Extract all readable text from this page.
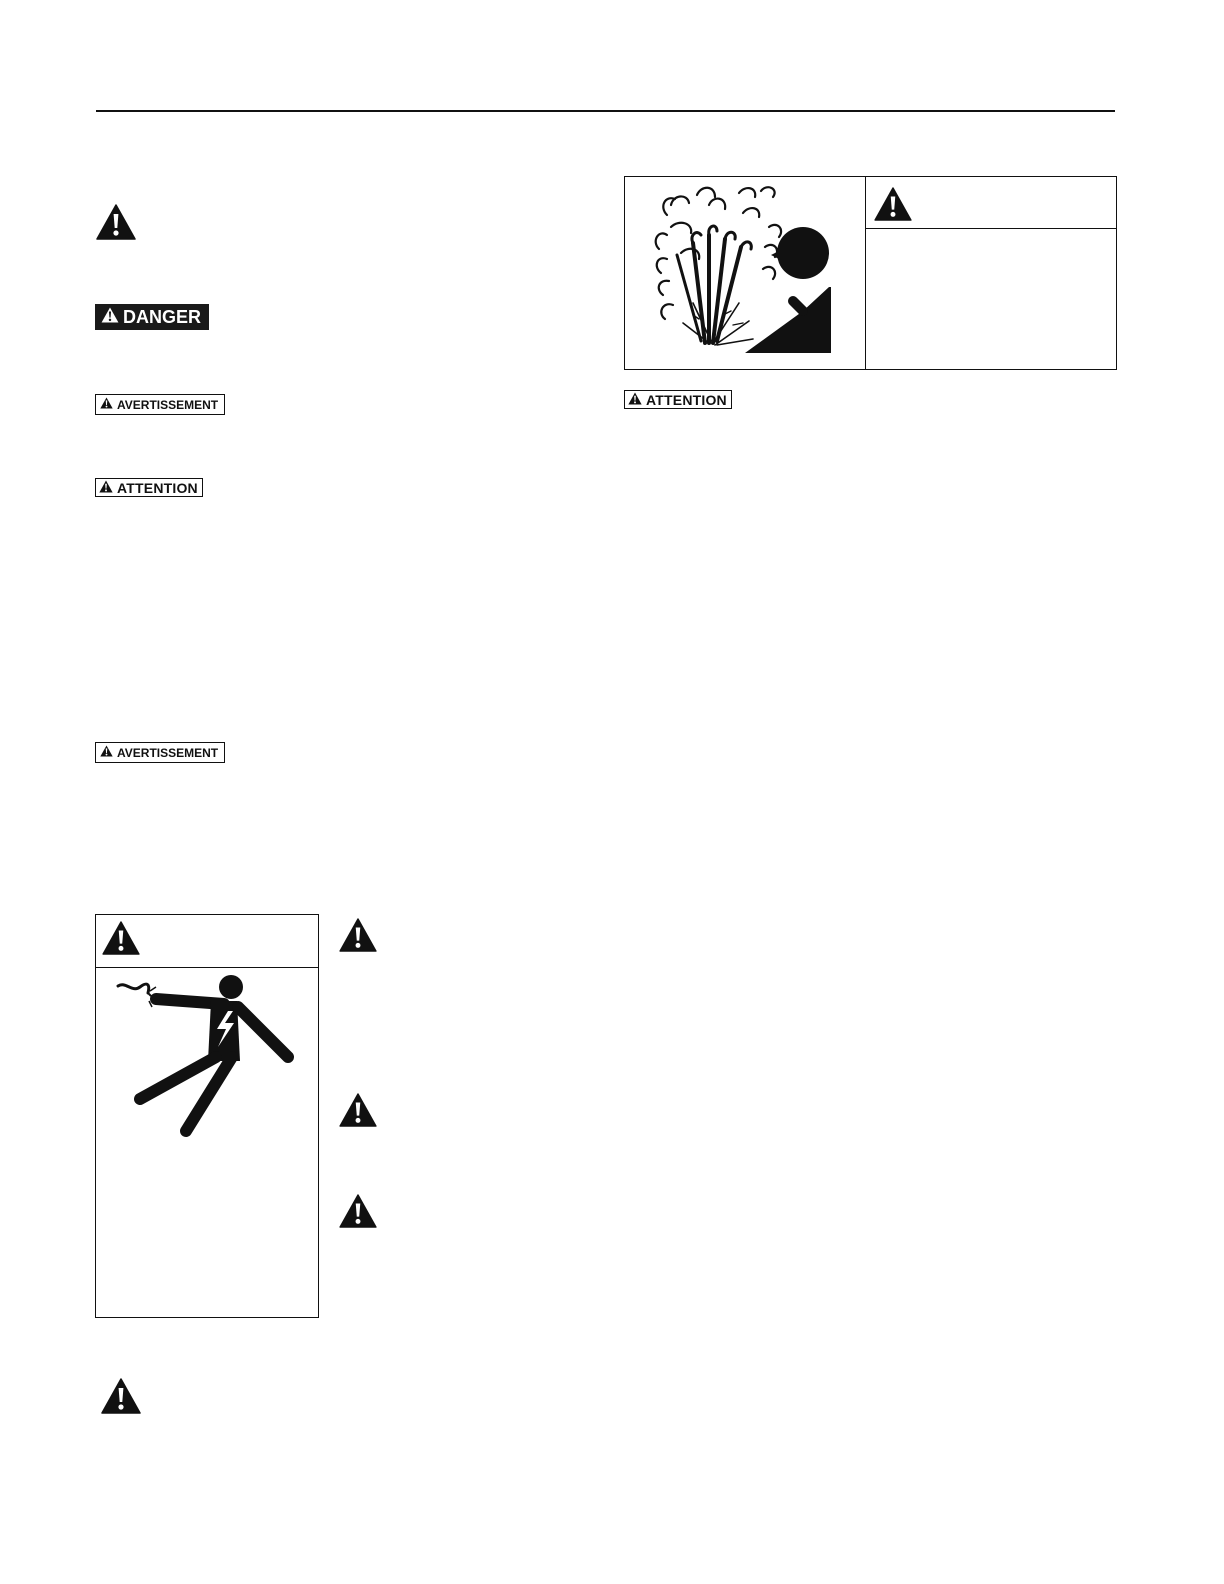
DANGER
AVERTISSEMENT
ATTENTION
AVERTISSEMENT
ATTENTION
